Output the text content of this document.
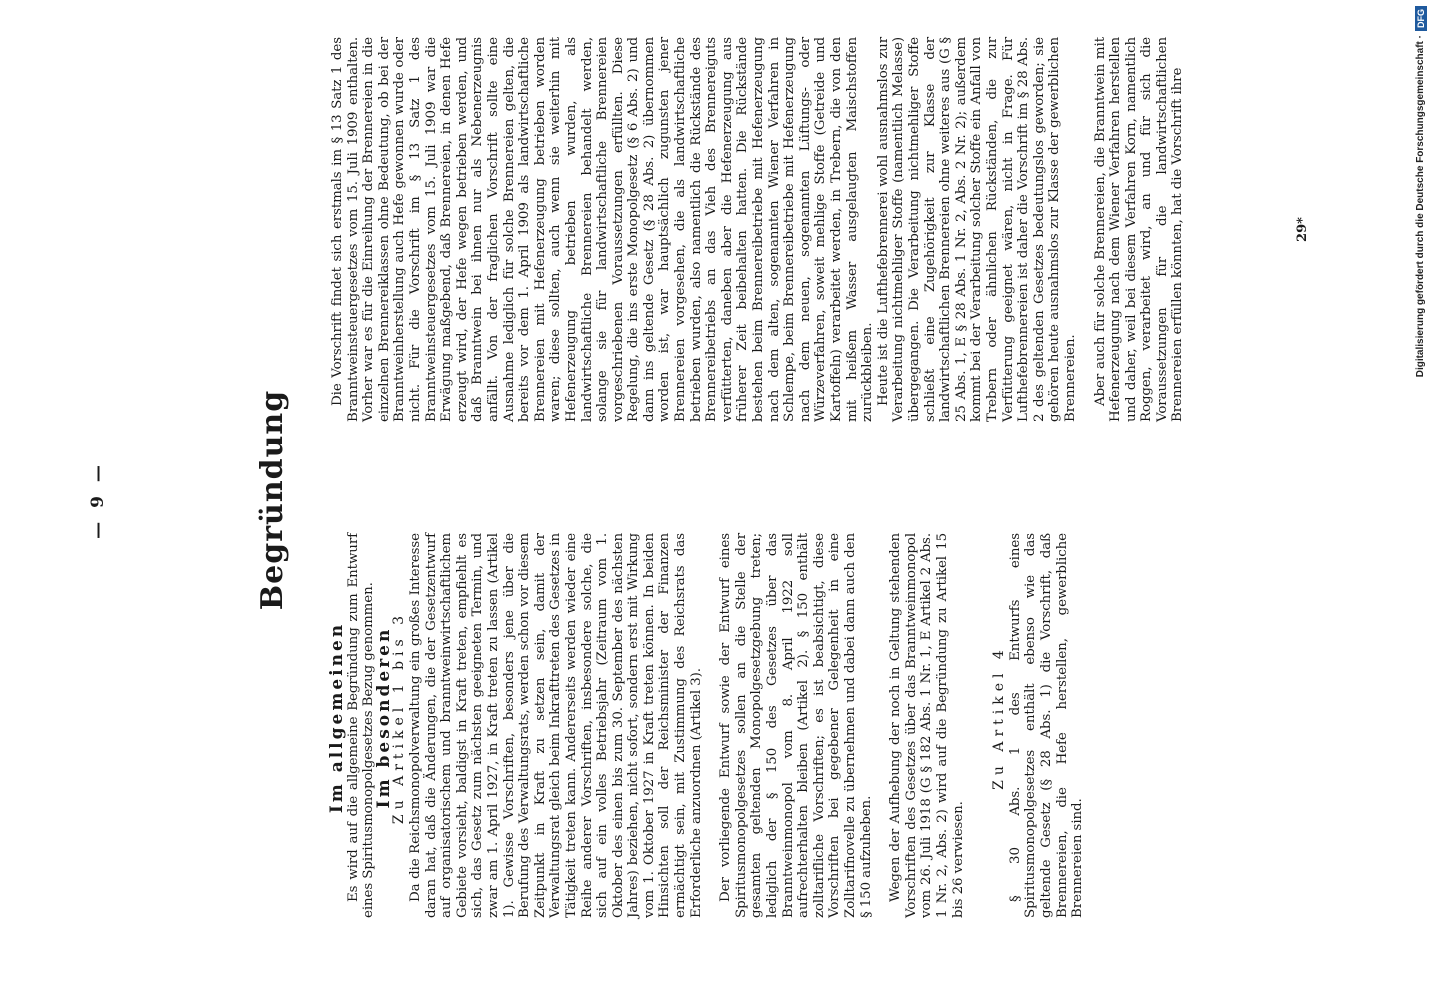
— 9 —	Begründung

Im allgemeinen

Es wird auf die allgemeine Begründung zum Entwurf eines Spiritusmonopolgesetzes Bezug genommen.

Im besonderen

Zu Artikel 1 bis 3 Da die Reichsmonopolverwaltung ein großes Interesse daran hat, daß die Änderungen, die der Gesetzentwurf auf organisatorischem und branntweinwirtschaftlichem Gebiete vorsieht, baldigst in Kraft treten, empfiehlt es sich, das Gesetz zum nächsten geeigneten Termin, und zwar am 1. April 1927, in Kraft treten zu lassen (Artikel 1). Gewisse Vorschriften, besonders jene über die Berufung des Verwaltungsrats, werden schon vor diesem Zeitpunkt in Kraft zu setzen sein, damit der Verwaltungsrat gleich beim Inkrafttreten des Gesetzes in Tätigkeit treten kann. Andererseits werden wieder eine Reihe anderer Vorschriften, insbesondere solche, die sich auf ein volles Betriebsjahr (Zeitraum vom 1. Oktober des einen bis zum 30. September des nächsten Jahres) beziehen, nicht sofort, sondern erst mit Wirkung vom 1. Oktober 1927 in Kraft treten können. In beiden Hinsichten soll der Reichsminister der Finanzen ermächtigt sein, mit Zustimmung des Reichsrats das Erforderliche anzuordnen (Artikel 3). Der vorliegende Entwurf sowie der Entwurf eines Spiritusmonopolgesetzes sollen an die Stelle der gesamten geltenden Monopolgesetzgebung treten; lediglich der § 150 des Gesetzes über das Branntweinmonopol vom 8. April 1922 soll aufrechterhalten bleiben (Artikel 2). § 150 enthält zolltarifliche Vorschriften; es ist beabsichtigt, diese Vorschriften bei gegebener Gelegenheit in eine Zolltarifnovelle zu übernehmen und dabei dann auch den § 150 aufzuheben. Wegen der Aufhebung der noch in Geltung stehenden Vorschriften des Gesetzes über das Branntweinmonopol vom 26. Juli 1918 (G § 182 Abs. 1 Nr. 1, E Artikel 2 Abs. 1 Nr. 2, Abs. 2) wird auf die Begründung zu Artikel 15 bis 26 verwiesen.

Zu Artikel 4 § 30 Abs. 1 des Entwurfs eines Spiritusmonopolgesetzes enthält ebenso wie das geltende Gesetz (§ 28 Abs. 1) die Vorschrift, daß Brennereien, die Hefe herstellen, gewerbliche Brennereien sind.

Die Vorschrift findet sich erstmals im § 13 Satz 1 des Branntweinsteuergesetzes vom 15. Juli 1909 enthalten. Vorher war es für die Einreihung der Brennereien in die einzelnen Brennereiklassen ohne Bedeutung, ob bei der Branntweinherstellung auch Hefe gewonnen wurde oder nicht. Für die Vorschrift im § 13 Satz 1 des Branntweinsteuergesetzes vom 15. Juli 1909 war die Erwägung maßgebend, daß Brennereien, in denen Hefe erzeugt wird, der Hefe wegen betrieben werden, und daß Branntwein bei ihnen nur als Nebenerzeugnis anfällt. Von der fraglichen Vorschrift sollte eine Ausnahme lediglich für solche Brennereien gelten, die bereits vor dem 1. April 1909 als landwirtschaftliche Brennereien mit Hefenerzeugung betrieben worden waren; diese sollten, auch wenn sie weiterhin mit Hefenerzeugung betrieben wurden, als landwirtschaftliche Brennereien behandelt werden, solange sie für landwirtschaftliche Brennereien vorgeschriebenen Voraussetzungen erfüllten. Diese Regelung, die ins erste Monopolgesetz (§ 6 Abs. 2) und dann ins geltende Gesetz (§ 28 Abs. 2) übernommen worden ist, war hauptsächlich zugunsten jener Brennereien vorgesehen, die als landwirtschaftliche betrieben wurden, also namentlich die Rückstände des Brennereibetriebs an das Vieh des Brennereiguts verfütterten, daneben aber die Hefenerzeugung aus früherer Zeit beibehalten hatten. Die Rückstände bestehen beim Brennereibetriebe mit Hefenerzeugung nach dem alten, sogenannten Wiener Verfahren in Schlempe, beim Brennereibetriebe mit Hefenerzeugung nach dem neuen, sogenannten Lüftungs- oder Würzeverfahren, soweit mehlige Stoffe (Getreide und Kartoffeln) verarbeitet werden, in Trebern, die von den mit heißem Wasser ausgelaugten Maischstoffen zurückbleiben. Heute ist die Lufthefebrennerei wohl ausnahmslos zur Verarbeitung nichtmehliger Stoffe (namentlich Melasse) übergegangen. Die Verarbeitung nichtmehliger Stoffe schließt eine Zugehörigkeit zur Klasse der landwirtschaftlichen Brennereien ohne weiteres aus (G § 25 Abs. 1, E § 28 Abs. 1 Nr. 2, Abs. 2 Nr. 2); außerdem kommt bei der Verarbeitung solcher Stoffe ein Anfall von Trebern oder ähnlichen Rückständen, die zur Verfütterung geeignet wären, nicht in Frage. Für Lufthefebrennereien ist daher die Vorschrift im § 28 Abs. 2 des geltenden Gesetzes bedeutungslos geworden; sie gehören heute ausnahmslos zur Klasse der gewerblichen Brennereien. Aber auch für solche Brennereien, die Branntwein mit Hefenerzeugung nach dem Wiener Verfahren herstellen und daher, weil bei diesem Verfahren Korn, namentlich Roggen, verarbeitet wird, an und für sich die Voraussetzungen für die landwirtschaftlichen Brennereien erfüllen könnten, hat die Vorschrift ihre	29*	Digitalisierung gefördert durch die Deutsche Forschungsgemeinschaft ·
DFG
